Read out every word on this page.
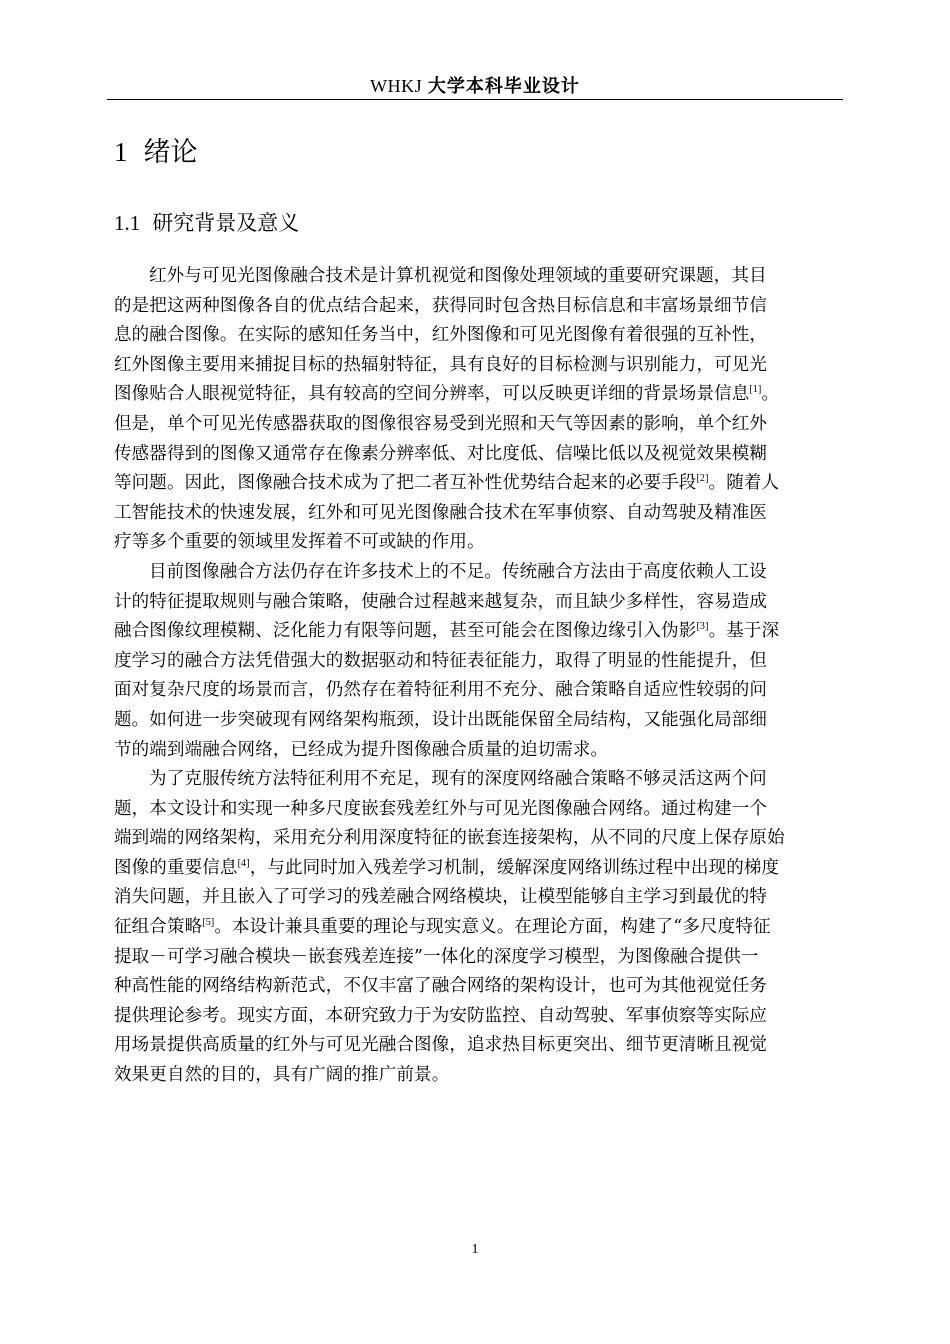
WHKJ 大学本科毕业设计
1 绪论
1.1 研究背景及意义
红外与可见光图像融合技术是计算机视觉和图像处理领域的重要研究课题，其目
的是把这两种图像各自的优点结合起来，获得同时包含热目标信息和丰富场景细节信
息的融合图像。在实际的感知任务当中，红外图像和可见光图像有着很强的互补性，
红外图像主要用来捕捉目标的热辐射特征，具有良好的目标检测与识别能力，可见光
图像贴合人眼视觉特征，具有较高的空间分辨率，可以反映更详细的背景场景信息[1]。
但是，单个可见光传感器获取的图像很容易受到光照和天气等因素的影响，单个红外
传感器得到的图像又通常存在像素分辨率低、对比度低、信噪比低以及视觉效果模糊
等问题。因此，图像融合技术成为了把二者互补性优势结合起来的必要手段[2]。随着人
工智能技术的快速发展，红外和可见光图像融合技术在军事侦察、自动驾驶及精准医
疗等多个重要的领域里发挥着不可或缺的作用。
目前图像融合方法仍存在许多技术上的不足。传统融合方法由于高度依赖人工设
计的特征提取规则与融合策略，使融合过程越来越复杂，而且缺少多样性，容易造成
融合图像纹理模糊、泛化能力有限等问题，甚至可能会在图像边缘引入伪影[3]。基于深
度学习的融合方法凭借强大的数据驱动和特征表征能力，取得了明显的性能提升，但
面对复杂尺度的场景而言，仍然存在着特征利用不充分、融合策略自适应性较弱的问
题。如何进一步突破现有网络架构瓶颈，设计出既能保留全局结构，又能强化局部细
节的端到端融合网络，已经成为提升图像融合质量的迫切需求。
为了克服传统方法特征利用不充足，现有的深度网络融合策略不够灵活这两个问
题，本文设计和实现一种多尺度嵌套残差红外与可见光图像融合网络。通过构建一个
端到端的网络架构，采用充分利用深度特征的嵌套连接架构，从不同的尺度上保存原始
图像的重要信息[4]，与此同时加入残差学习机制，缓解深度网络训练过程中出现的梯度
消失问题，并且嵌入了可学习的残差融合网络模块，让模型能够自主学习到最优的特
征组合策略[5]。本设计兼具重要的理论与现实意义。在理论方面，构建了“多尺度特征
提取－可学习融合模块－嵌套残差连接”一体化的深度学习模型，为图像融合提供一
种高性能的网络结构新范式，不仅丰富了融合网络的架构设计，也可为其他视觉任务
提供理论参考。现实方面，本研究致力于为安防监控、自动驾驶、军事侦察等实际应
用场景提供高质量的红外与可见光融合图像，追求热目标更突出、细节更清晰且视觉
效果更自然的目的，具有广阔的推广前景。
1
